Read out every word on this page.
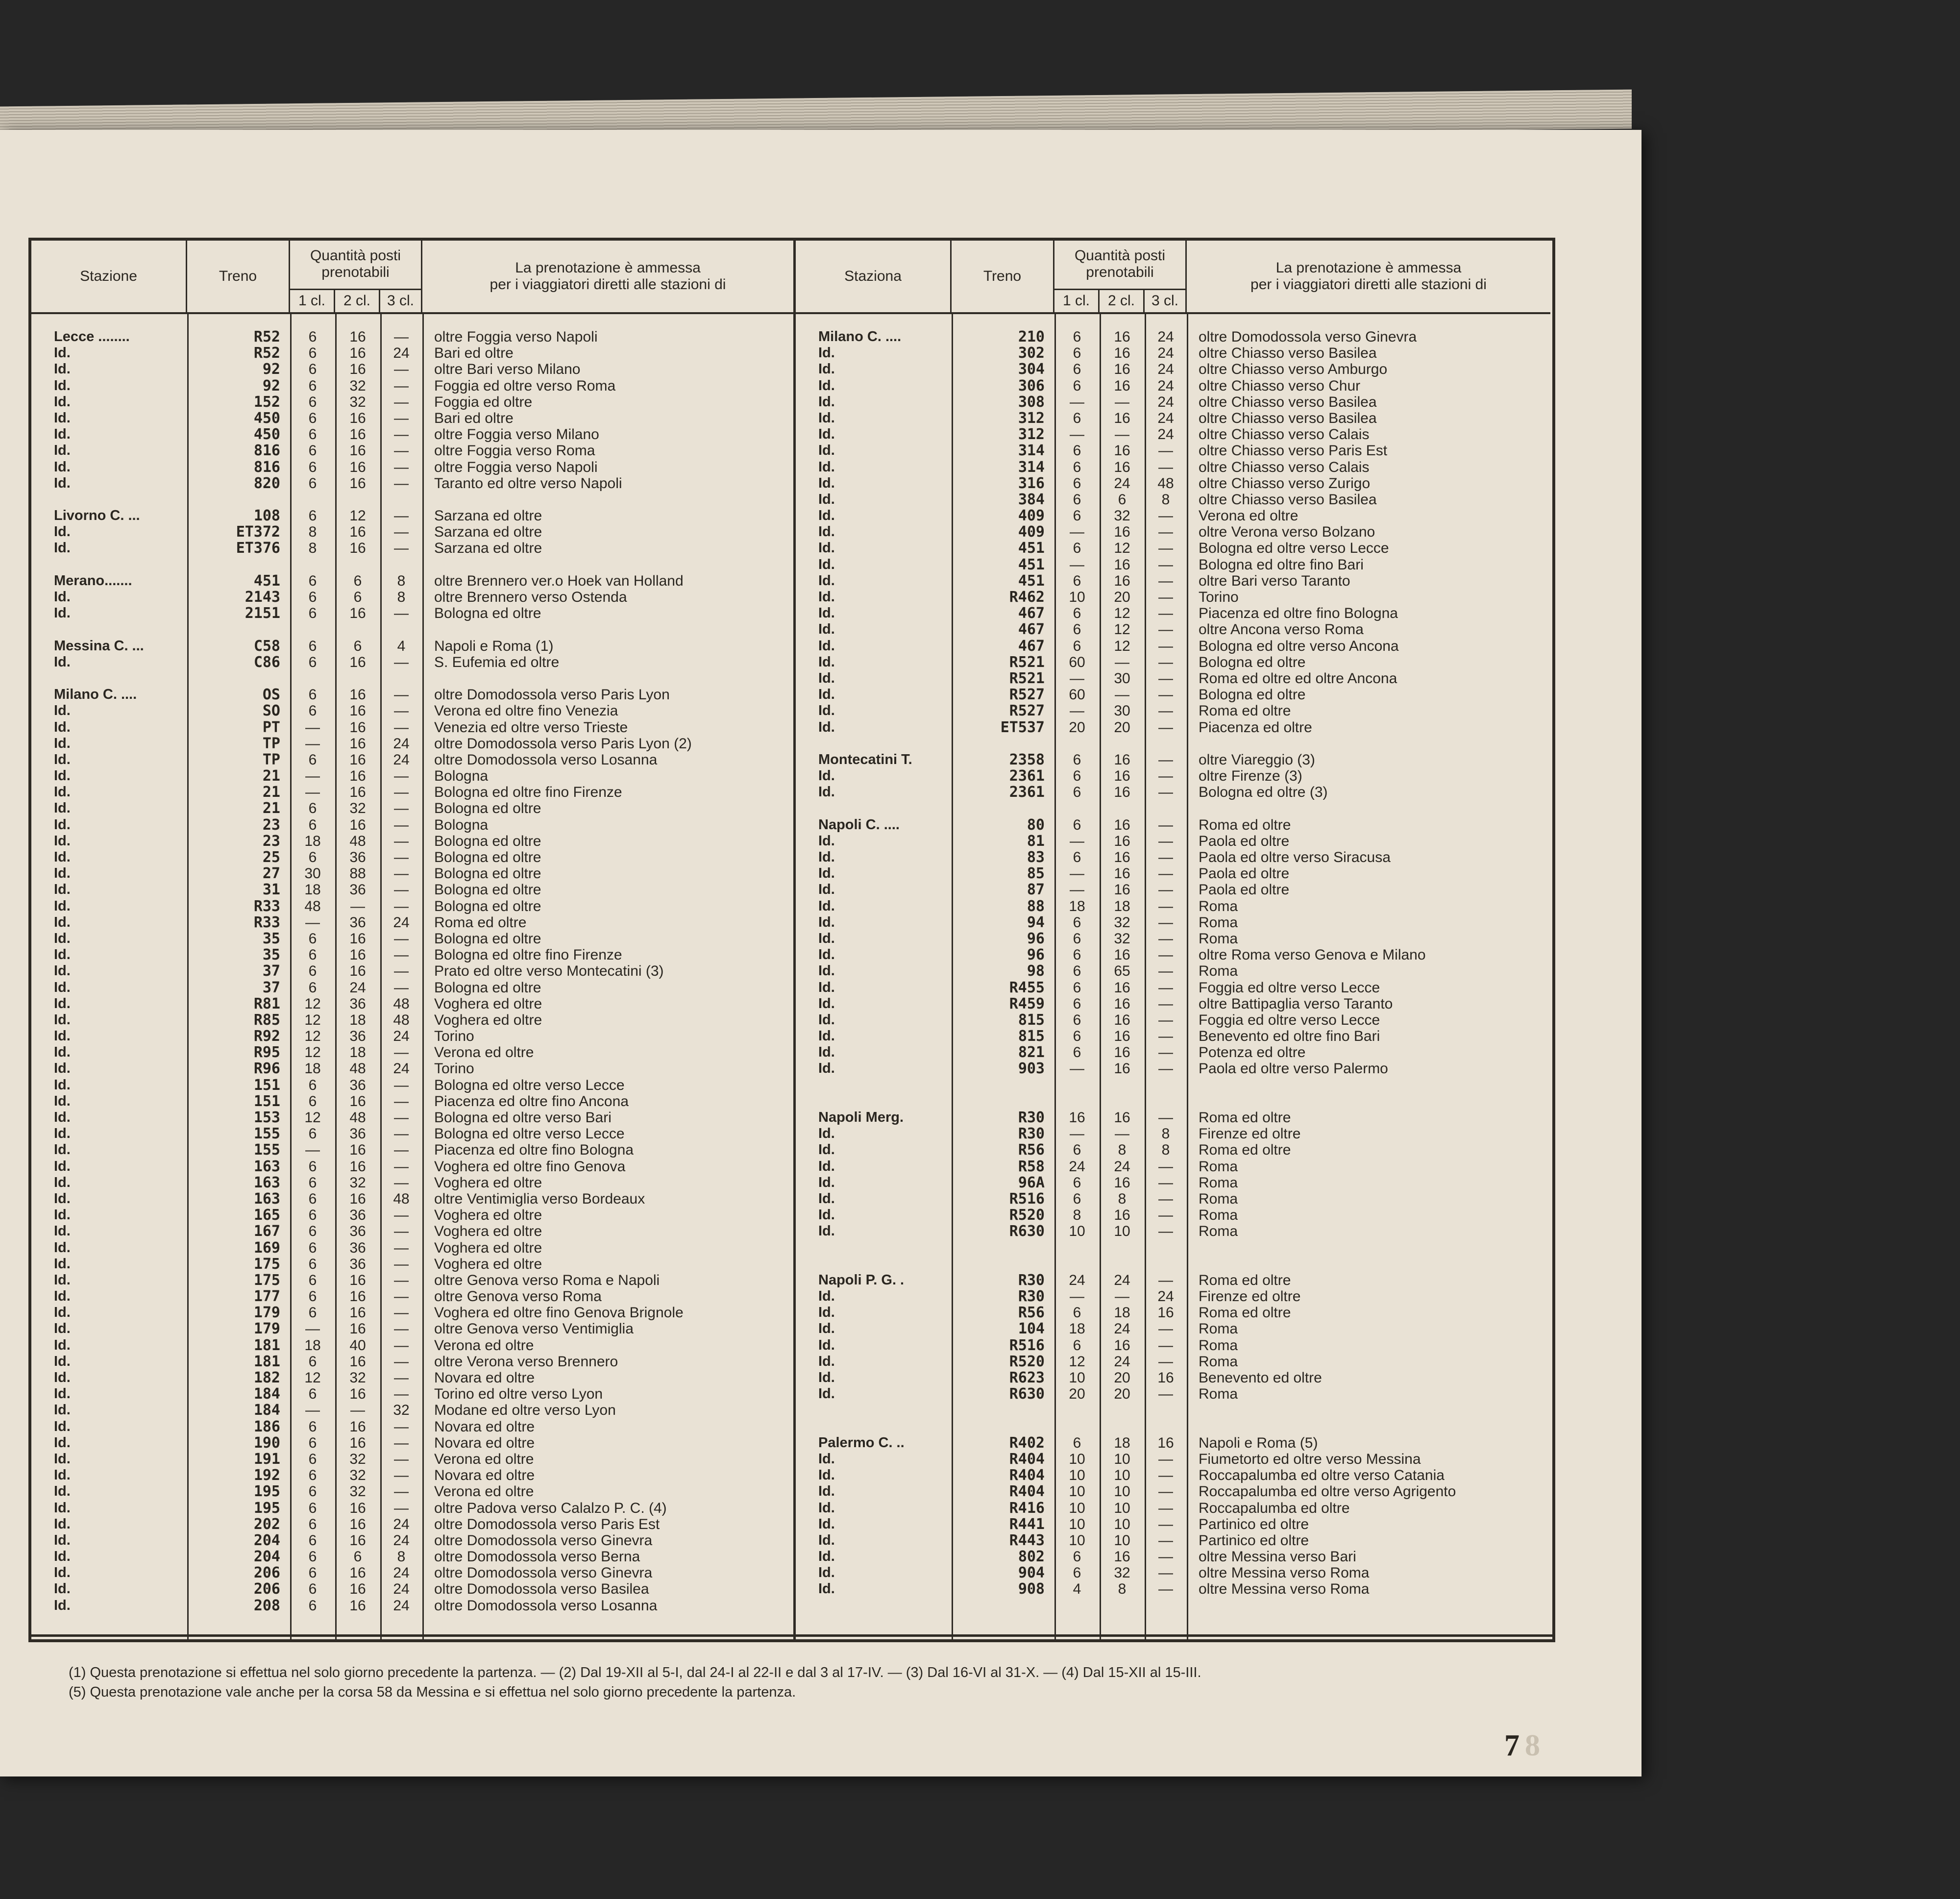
Stazione	Treno
Quantità posti
prenotabili
1 cl.	2 cl.	3 cl.
La prenotazione è ammessa
per i viaggiatori diretti alle stazioni di
Lecce ........	R52	6	16	—	oltre Foggia verso Napoli
Id.	R52	6	16	24	Bari ed oltre
Id.	92	6	16	—	oltre Bari verso Milano
Id.	92	6	32	—	Foggia ed oltre verso Roma
Id.	152	6	32	—	Foggia ed oltre
Id.	450	6	16	—	Bari ed oltre
Id.	450	6	16	—	oltre Foggia verso Milano
Id.	816	6	16	—	oltre Foggia verso Roma
Id.	816	6	16	—	oltre Foggia verso Napoli
Id.	820	6	16	—	Taranto ed oltre verso Napoli
Livorno C. ...	108	6	12	—	Sarzana ed oltre
Id.	ET372	8	16	—	Sarzana ed oltre
Id.	ET376	8	16	—	Sarzana ed oltre
Merano.......	451	6	6	8	oltre Brennero ver.o Hoek van Holland
Id.	2143	6	6	8	oltre Brennero verso Ostenda
Id.	2151	6	16	—	Bologna ed oltre
Messina C. ...	C58	6	6	4	Napoli e Roma (1)
Id.	C86	6	16	—	S. Eufemia ed oltre
Milano C. ....	OS	6	16	—	oltre Domodossola verso Paris Lyon
Id.	SO	6	16	—	Verona ed oltre fino Venezia
Id.	PT	—	16	—	Venezia ed oltre verso Trieste
Id.	TP	—	16	24	oltre Domodossola verso Paris Lyon (2)
Id.	TP	6	16	24	oltre Domodossola verso Losanna
Id.	21	—	16	—	Bologna
Id.	21	—	16	—	Bologna ed oltre fino Firenze
Id.	21	6	32	—	Bologna ed oltre
Id.	23	6	16	—	Bologna
Id.	23	18	48	—	Bologna ed oltre
Id.	25	6	36	—	Bologna ed oltre
Id.	27	30	88	—	Bologna ed oltre
Id.	31	18	36	—	Bologna ed oltre
Id.	R33	48	—	—	Bologna ed oltre
Id.	R33	—	36	24	Roma ed oltre
Id.	35	6	16	—	Bologna ed oltre
Id.	35	6	16	—	Bologna ed oltre fino Firenze
Id.	37	6	16	—	Prato ed oltre verso Montecatini (3)
Id.	37	6	24	—	Bologna ed oltre
Id.	R81	12	36	48	Voghera ed oltre
Id.	R85	12	18	48	Voghera ed oltre
Id.	R92	12	36	24	Torino
Id.	R95	12	18	—	Verona ed oltre
Id.	R96	18	48	24	Torino
Id.	151	6	36	—	Bologna ed oltre verso Lecce
Id.	151	6	16	—	Piacenza ed oltre fino Ancona
Id.	153	12	48	—	Bologna ed oltre verso Bari
Id.	155	6	36	—	Bologna ed oltre verso Lecce
Id.	155	—	16	—	Piacenza ed oltre fino Bologna
Id.	163	6	16	—	Voghera ed oltre fino Genova
Id.	163	6	32	—	Voghera ed oltre
Id.	163	6	16	48	oltre Ventimiglia verso Bordeaux
Id.	165	6	36	—	Voghera ed oltre
Id.	167	6	36	—	Voghera ed oltre
Id.	169	6	36	—	Voghera ed oltre
Id.	175	6	36	—	Voghera ed oltre
Id.	175	6	16	—	oltre Genova verso Roma e Napoli
Id.	177	6	16	—	oltre Genova verso Roma
Id.	179	6	16	—	Voghera ed oltre fino Genova Brignole
Id.	179	—	16	—	oltre Genova verso Ventimiglia
Id.	181	18	40	—	Verona ed oltre
Id.	181	6	16	—	oltre Verona verso Brennero
Id.	182	12	32	—	Novara ed oltre
Id.	184	6	16	—	Torino ed oltre verso Lyon
Id.	184	—	—	32	Modane ed oltre verso Lyon
Id.	186	6	16	—	Novara ed oltre
Id.	190	6	16	—	Novara ed oltre
Id.	191	6	32	—	Verona ed oltre
Id.	192	6	32	—	Novara ed oltre
Id.	195	6	32	—	Verona ed oltre
Id.	195	6	16	—	oltre Padova verso Calalzo P. C. (4)
Id.	202	6	16	24	oltre Domodossola verso Paris Est
Id.	204	6	16	24	oltre Domodossola verso Ginevra
Id.	204	6	6	8	oltre Domodossola verso Berna
Id.	206	6	16	24	oltre Domodossola verso Ginevra
Id.	206	6	16	24	oltre Domodossola verso Basilea
Id.	208	6	16	24	oltre Domodossola verso Losanna
Staziona	Treno
Quantità posti
prenotabili
1 cl.	2 cl.	3 cl.
La prenotazione è ammessa
per i viaggiatori diretti alle stazioni di
Milano C. ....	210	6	16	24	oltre Domodossola verso Ginevra
Id.	302	6	16	24	oltre Chiasso verso Basilea
Id.	304	6	16	24	oltre Chiasso verso Amburgo
Id.	306	6	16	24	oltre Chiasso verso Chur
Id.	308	—	—	24	oltre Chiasso verso Basilea
Id.	312	6	16	24	oltre Chiasso verso Basilea
Id.	312	—	—	24	oltre Chiasso verso Calais
Id.	314	6	16	—	oltre Chiasso verso Paris Est
Id.	314	6	16	—	oltre Chiasso verso Calais
Id.	316	6	24	48	oltre Chiasso verso Zurigo
Id.	384	6	6	8	oltre Chiasso verso Basilea
Id.	409	6	32	—	Verona ed oltre
Id.	409	—	16	—	oltre Verona verso Bolzano
Id.	451	6	12	—	Bologna ed oltre verso Lecce
Id.	451	—	16	—	Bologna ed oltre fino Bari
Id.	451	6	16	—	oltre Bari verso Taranto
Id.	R462	10	20	—	Torino
Id.	467	6	12	—	Piacenza ed oltre fino Bologna
Id.	467	6	12	—	oltre Ancona verso Roma
Id.	467	6	12	—	Bologna ed oltre verso Ancona
Id.	R521	60	—	—	Bologna ed oltre
Id.	R521	—	30	—	Roma ed oltre ed oltre Ancona
Id.	R527	60	—	—	Bologna ed oltre
Id.	R527	—	30	—	Roma ed oltre
Id.	ET537	20	20	—	Piacenza ed oltre
Montecatini T.	2358	6	16	—	oltre Viareggio (3)
Id.	2361	6	16	—	oltre Firenze (3)
Id.	2361	6	16	—	Bologna ed oltre (3)
Napoli C. ....	80	6	16	—	Roma ed oltre
Id.	81	—	16	—	Paola ed oltre
Id.	83	6	16	—	Paola ed oltre verso Siracusa
Id.	85	—	16	—	Paola ed oltre
Id.	87	—	16	—	Paola ed oltre
Id.	88	18	18	—	Roma
Id.	94	6	32	—	Roma
Id.	96	6	32	—	Roma
Id.	96	6	16	—	oltre Roma verso Genova e Milano
Id.	98	6	65	—	Roma
Id.	R455	6	16	—	Foggia ed oltre verso Lecce
Id.	R459	6	16	—	oltre Battipaglia verso Taranto
Id.	815	6	16	—	Foggia ed oltre verso Lecce
Id.	815	6	16	—	Benevento ed oltre fino Bari
Id.	821	6	16	—	Potenza ed oltre
Id.	903	—	16	—	Paola ed oltre verso Palermo
Napoli Merg.	R30	16	16	—	Roma ed oltre
Id.	R30	—	—	8	Firenze ed oltre
Id.	R56	6	8	8	Roma ed oltre
Id.	R58	24	24	—	Roma
Id.	96A	6	16	—	Roma
Id.	R516	6	8	—	Roma
Id.	R520	8	16	—	Roma
Id.	R630	10	10	—	Roma
Napoli P. G. .	R30	24	24	—	Roma ed oltre
Id.	R30	—	—	24	Firenze ed oltre
Id.	R56	6	18	16	Roma ed oltre
Id.	104	18	24	—	Roma
Id.	R516	6	16	—	Roma
Id.	R520	12	24	—	Roma
Id.	R623	10	20	16	Benevento ed oltre
Id.	R630	20	20	—	Roma
Palermo C. ..	R402	6	18	16	Napoli e Roma (5)
Id.	R404	10	10	—	Fiumetorto ed oltre verso Messina
Id.	R404	10	10	—	Roccapalumba ed oltre verso Catania
Id.	R404	10	10	—	Roccapalumba ed oltre verso Agrigento
Id.	R416	10	10	—	Roccapalumba ed oltre
Id.	R441	10	10	—	Partinico ed oltre
Id.	R443	10	10	—	Partinico ed oltre
Id.	802	6	16	—	oltre Messina verso Bari
Id.	904	6	32	—	oltre Messina verso Roma
Id.	908	4	8	—	oltre Messina verso Roma
(1) Questa prenotazione si effettua nel solo giorno precedente la partenza. — (2) Dal 19-XII al 5-I, dal 24-I al 22-II e dal 3 al 17-IV. — (3) Dal 16-VI al 31-X. — (4) Dal 15-XII al 15-III.
(5) Questa prenotazione vale anche per la corsa 58 da Messina e si effettua nel solo giorno precedente la partenza.
7 8
